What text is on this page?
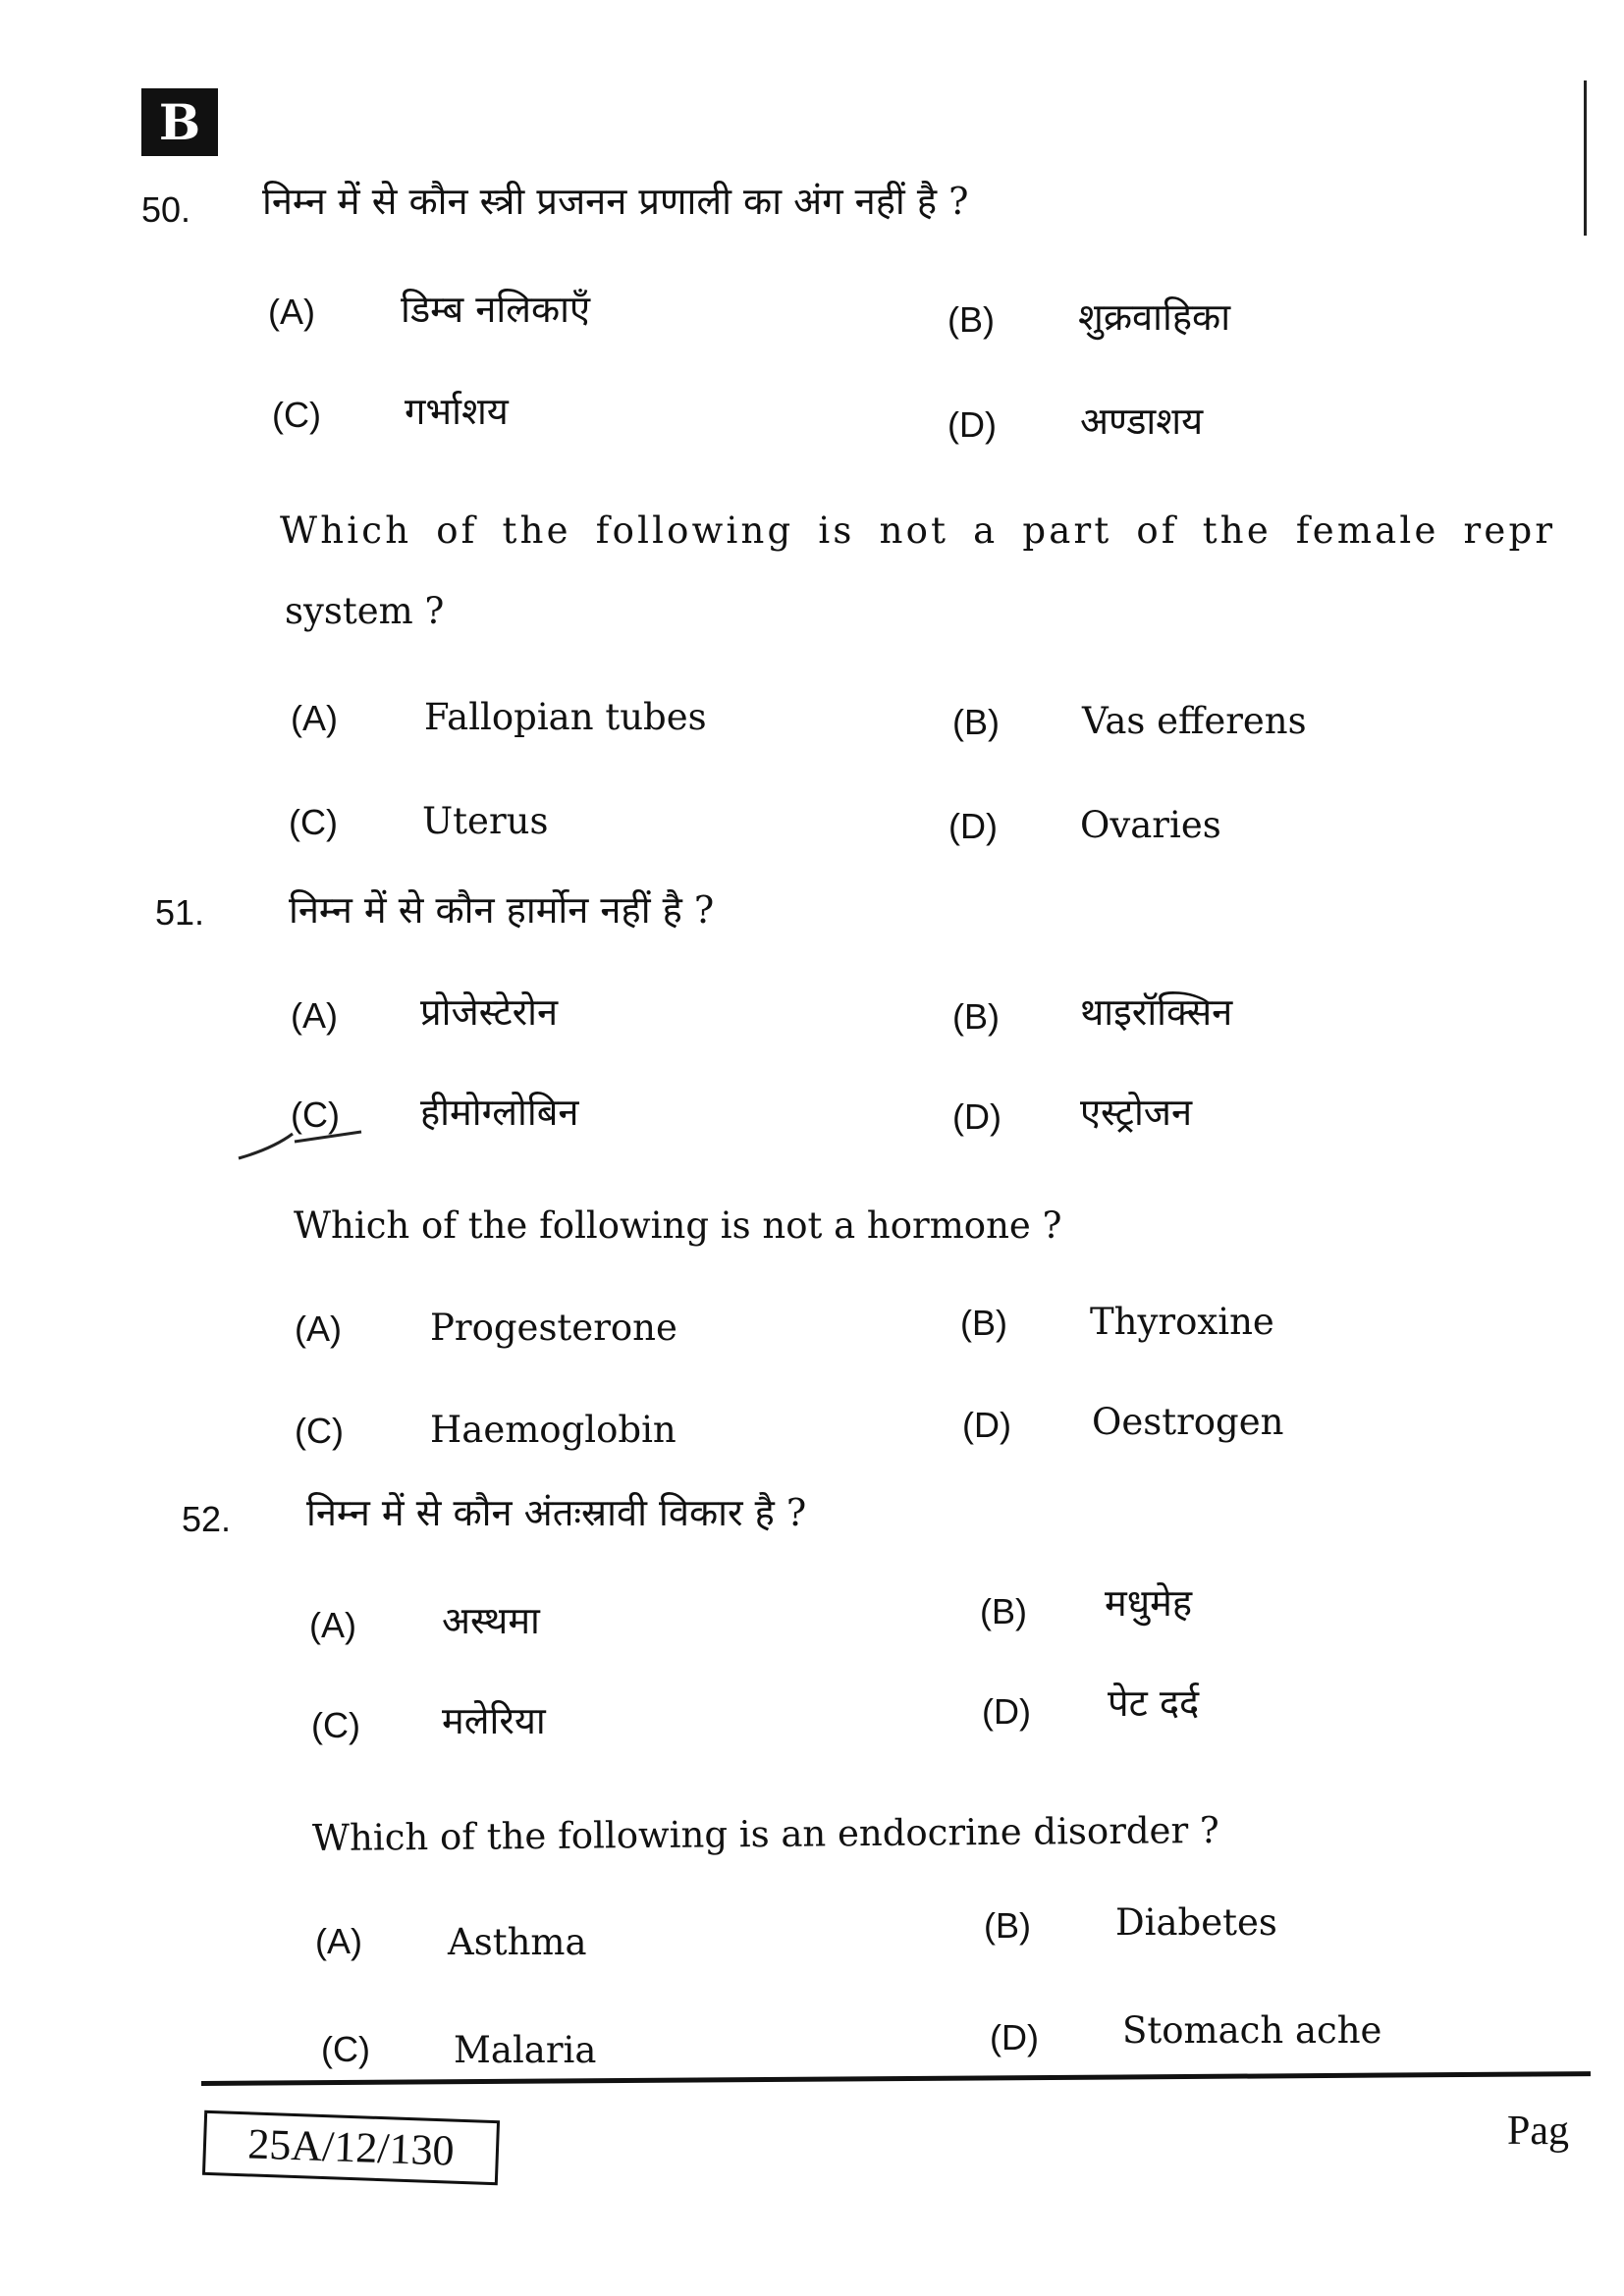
B
50. निम्न में से कौन स्त्री प्रजनन प्रणाली का अंग नहीं है ?
(A) डिम्ब नलिकाएँ	(B) शुक्रवाहिका
(C) गर्भाशय	(D) अण्डाशय
Which of the following is not a part of the female repr
system ?
(A) Fallopian tubes	(B) Vas efferens
(C) Uterus	(D) Ovaries
51. निम्न में से कौन हार्मोन नहीं है ?
(A) प्रोजेस्टेरोन	(B) थाइरॉक्सिन
(C) हीमोग्लोबिन	(D) एस्ट्रोजन
Which of the following is not a hormone ?
(A) Progesterone	(B) Thyroxine
(C) Haemoglobin	(D) Oestrogen
52. निम्न में से कौन अंतःस्रावी विकार है ?
(A) अस्थमा	(B) मधुमेह
(C) मलेरिया	(D) पेट दर्द
Which of the following is an endocrine disorder ?
(A) Asthma	(B) Diabetes
(C) Malaria	(D) Stomach ache
25A/12/130	Pag
